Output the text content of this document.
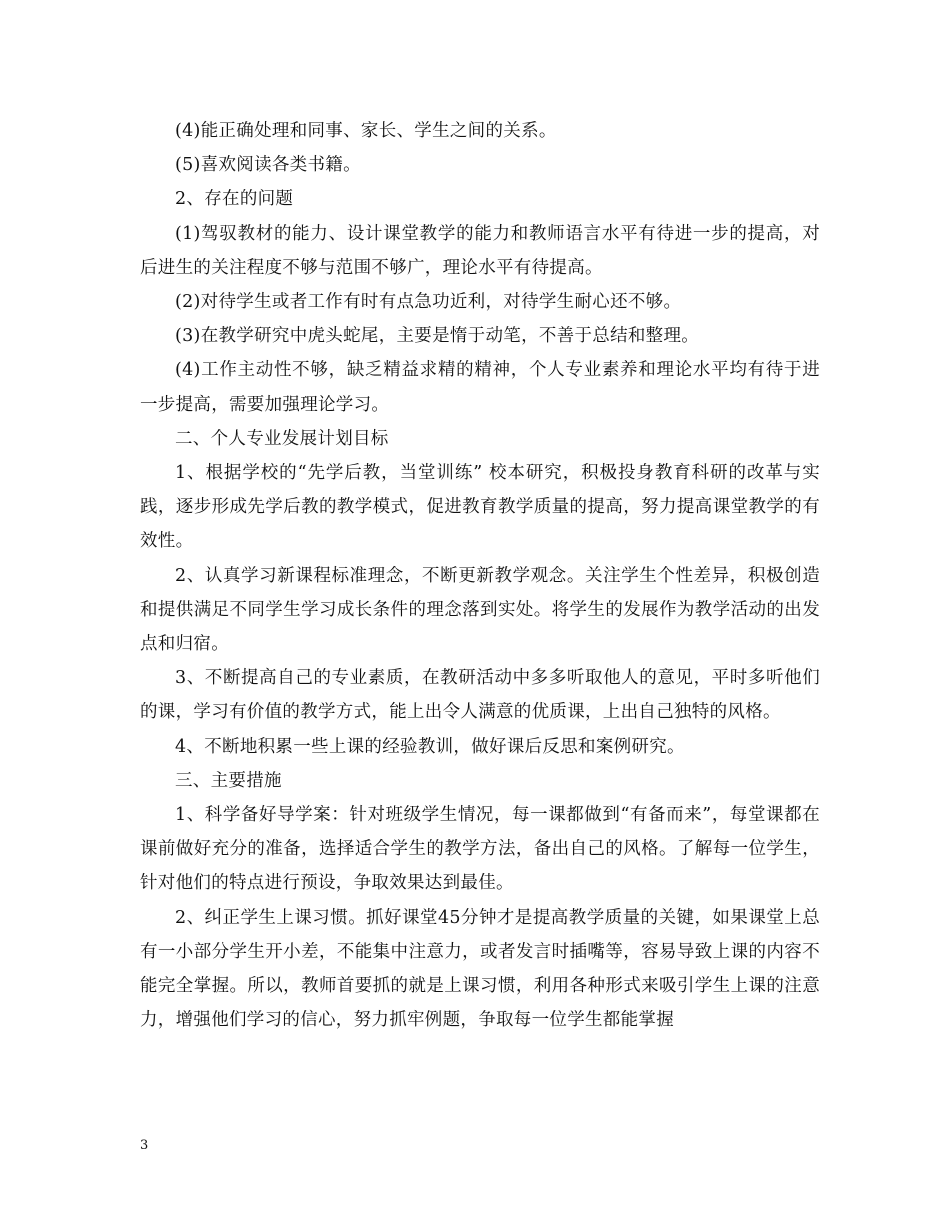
(4)能正确处理和同事、家长、学生之间的关系。

(5)喜欢阅读各类书籍。

2、存在的问题

(1)驾驭教材的能力、设计课堂教学的能力和教师语言水平有待进一步的提高，对后进生的关注程度不够与范围不够广，理论水平有待提高。

(2)对待学生或者工作有时有点急功近利，对待学生耐心还不够。

(3)在教学研究中虎头蛇尾，主要是惰于动笔，不善于总结和整理。

(4)工作主动性不够，缺乏精益求精的精神，个人专业素养和理论水平均有待于进一步提高，需要加强理论学习。

二、个人专业发展计划目标

1、根据学校的“先学后教，当堂训练” 校本研究，积极投身教育科研的改革与实践，逐步形成先学后教的教学模式，促进教育教学质量的提高，努力提高课堂教学的有效性。

2、认真学习新课程标准理念，不断更新教学观念。关注学生个性差异，积极创造和提供满足不同学生学习成长条件的理念落到实处。将学生的发展作为教学活动的出发点和归宿。

3、不断提高自己的专业素质，在教研活动中多多听取他人的意见，平时多听他们的课，学习有价值的教学方式，能上出令人满意的优质课，上出自己独特的风格。

4、不断地积累一些上课的经验教训，做好课后反思和案例研究。

三、主要措施

1、科学备好导学案：针对班级学生情况，每一课都做到“有备而来”，每堂课都在课前做好充分的准备，选择适合学生的教学方法，备出自己的风格。了解每一位学生，针对他们的特点进行预设，争取效果达到最佳。

2、纠正学生上课习惯。抓好课堂45分钟才是提高教学质量的关键，如果课堂上总有一小部分学生开小差，不能集中注意力，或者发言时插嘴等，容易导致上课的内容不能完全掌握。所以，教师首要抓的就是上课习惯，利用各种形式来吸引学生上课的注意力，增强他们学习的信心，努力抓牢例题，争取每一位学生都能掌握

3
